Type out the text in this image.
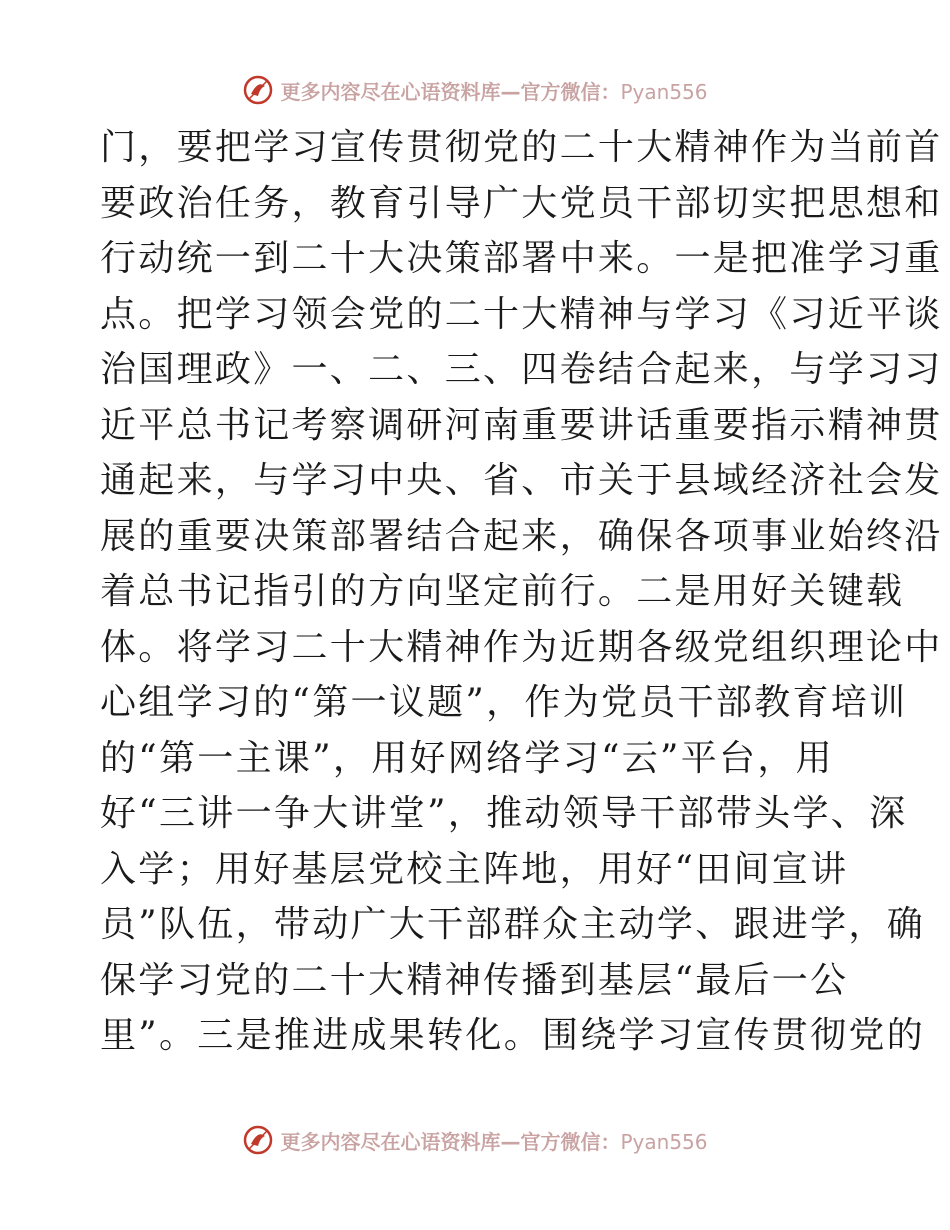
更多内容尽在心语资料库—官方微信：Pyan556
门，要把学习宣传贯彻党的二十大精神作为当前首
要政治任务，教育引导广大党员干部切实把思想和
行动统一到二十大决策部署中来。一是把准学习重
点。把学习领会党的二十大精神与学习《习近平谈
治国理政》一、二、三、四卷结合起来，与学习习
近平总书记考察调研河南重要讲话重要指示精神贯
通起来，与学习中央、省、市关于县域经济社会发
展的重要决策部署结合起来，确保各项事业始终沿
着总书记指引的方向坚定前行。二是用好关键载
体。将学习二十大精神作为近期各级党组织理论中
心组学习的“第一议题”，作为党员干部教育培训
的“第一主课”，用好网络学习“云”平台，用
好“三讲一争大讲堂”，推动领导干部带头学、深
入学；用好基层党校主阵地，用好“田间宣讲
员”队伍，带动广大干部群众主动学、跟进学，确
保学习党的二十大精神传播到基层“最后一公
里”。三是推进成果转化。围绕学习宣传贯彻党的
更多内容尽在心语资料库—官方微信：Pyan556
